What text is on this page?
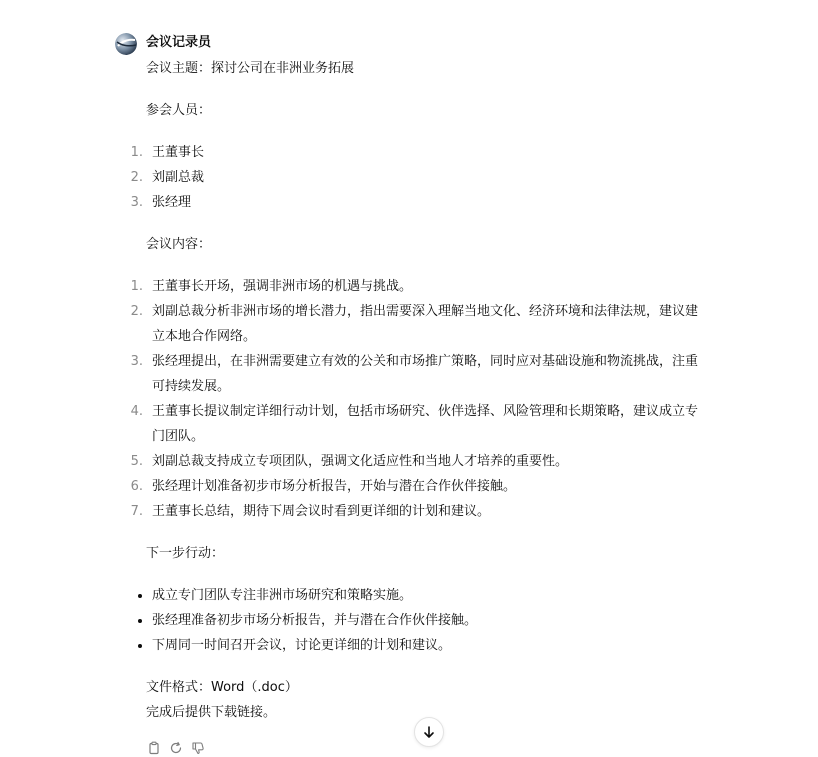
会议记录员

会议主题：探讨公司在非洲业务拓展

参会人员：

1. 王董事长
2. 刘副总裁
3. 张经理

会议内容：

1. 王董事长开场，强调非洲市场的机遇与挑战。
2. 刘副总裁分析非洲市场的增长潜力，指出需要深入理解当地文化、经济环境和法律法规，建议建
立本地合作网络。
3. 张经理提出，在非洲需要建立有效的公关和市场推广策略，同时应对基础设施和物流挑战，注重
可持续发展。
4. 王董事长提议制定详细行动计划，包括市场研究、伙伴选择、风险管理和长期策略，建议成立专
门团队。
5. 刘副总裁支持成立专项团队，强调文化适应性和当地人才培养的重要性。
6. 张经理计划准备初步市场分析报告，开始与潜在合作伙伴接触。
7. 王董事长总结，期待下周会议时看到更详细的计划和建议。

下一步行动：

成立专门团队专注非洲市场研究和策略实施。
张经理准备初步市场分析报告，并与潜在合作伙伴接触。
下周同一时间召开会议，讨论更详细的计划和建议。

文件格式：Word（.doc）

完成后提供下载链接。
